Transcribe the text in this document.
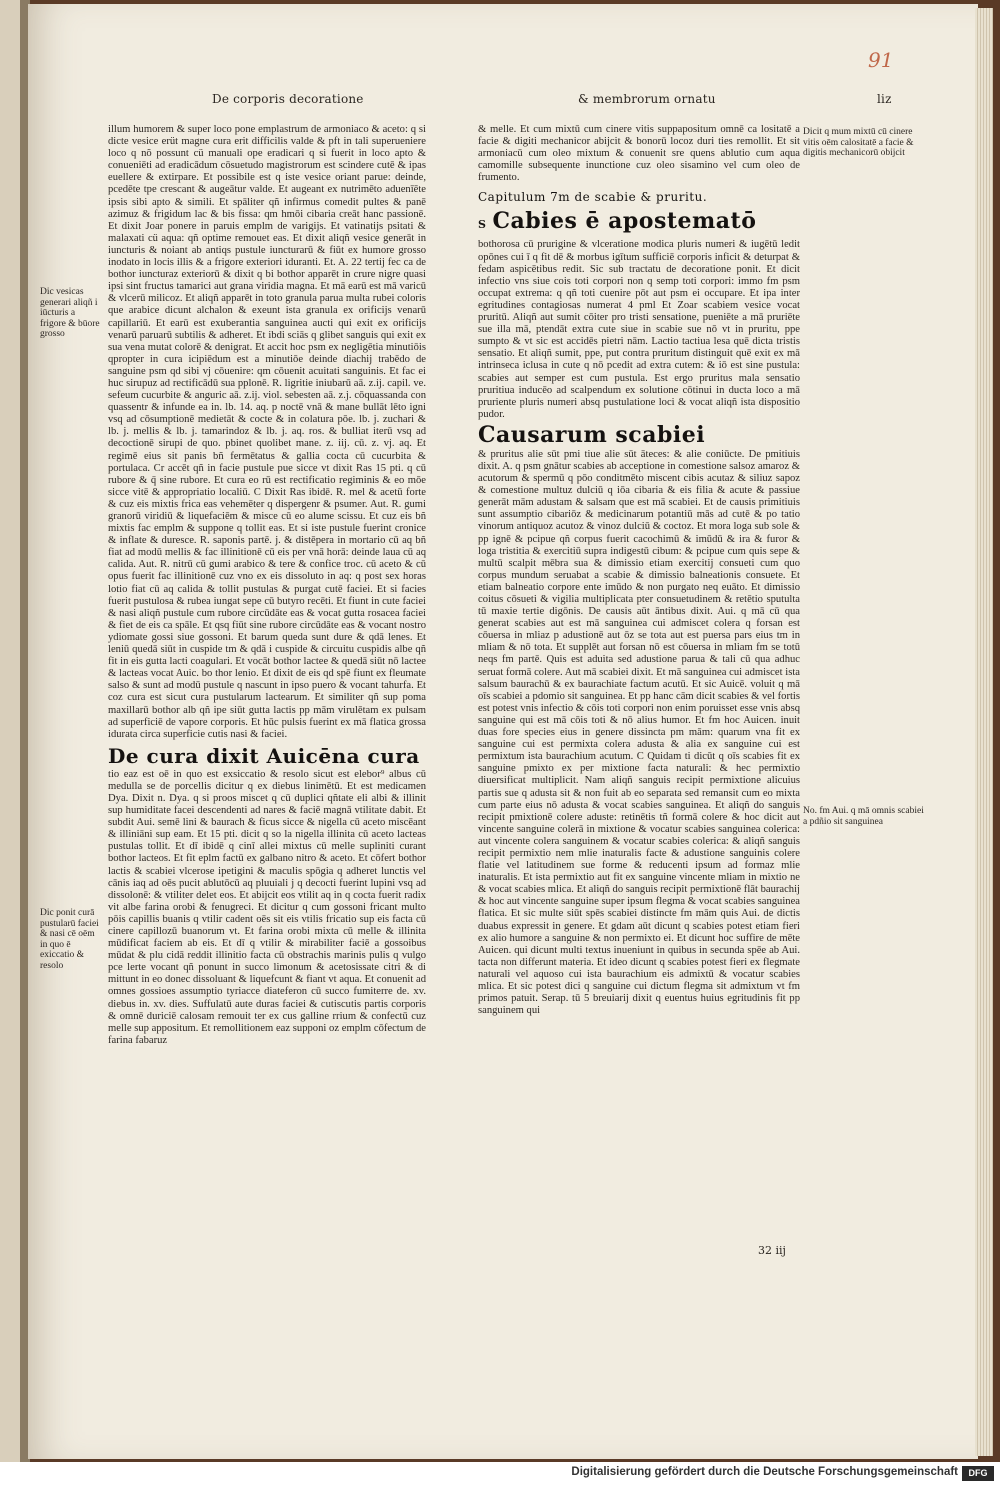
91
De corporis decoratione	& membrorum ornatu	liz
Dic vesicas generari aliqñ i iūcturis a frigore & būore grosso
Dic ponit curā pustularū faciei & nasi cē oēm in quo ē exiccatio & resolo

illum humorem & super loco pone emplastrum de armoniaco & aceto: q si dicte vesice erüt magne cura erit difficilis valde & pft in tali superueniere loco q nõ possunt cü manuali ope eradicari q si fuerit in loco apto & conueniēti ad eradicādum cōsuetudo magistrorum est scindere cutē & ipas euellere & extirpare. Et possibile est q iste vesice oriant parue: deinde, pcedēte tpe crescant & augeātur valde. Et augeant ex nutrimēto aduenīēte ipsis sibi apto & simili. Et spāliter qñ infirmus comedit pultes & panē azimuz & frigidum lac & bis fissa: qm hmōi cibaria creāt hanc passionē. Et dixit Joar ponere in paruis emplm de varigijs. Et vatinatijs psitati & malaxati cü aqua: qñ optime remouet eas. Et dixit aliqñ vesice generāt in iuncturis & noiant ab antiqs pustule iuncturarū & fiūt ex humore grosso inodato in locis illis & a frigore exteriori iduranti. Et. A. 22 tertij fec ca de bothor iuncturaz exteriorū & dixit q bi bothor apparēt in crure nigre quasi ipsi sint fructus tamarici aut grana viridia magna. Et mā earū est mā varicū & vlcerū milicoz. Et aliqñ apparēt in toto granula parua multa rubei coloris que arabice dicunt alchalon & exeunt ista granula ex orificijs venarū capillariū. Et earū est exuberantia sanguinea aucti qui exit ex orificijs venarū paruarū subtilis & adheret. Et ibdi sciās q glibet sanguis qui exit ex sua vena mutat colorē & denigrat. Et accit hoc psm ex negligētia minutiōis qpropter in cura icipiēdum est a minutiōe deinde diachij trabēdo de sanguine psm qd sibi vj cōuenire: qm cōuenit acuitati sanguinis. Et fac ei huc sirupuz ad rectificādū sua pplonē. R. ligritie iniubarū aā. z.ij. capil. ve. sefeum cucurbite & anguric aā. z.ij. viol. sebesten aā. z.j. cōquassanda con quassentr & infunde ea in. lb. 14. aq. p noctē vnā & mane bullāt lēto igni vsq ad cōsumptionē medietāt & cocte & in colatura pōe. lb. j. zuchari & lb. j. mellis & lb. j. tamarindoz & lb. j. aq. ros. & bulliat iterū vsq ad decoctionē sirupi de quo. pbinet quolibet mane. z. iij. cū. z. vj. aq. Et regimē eius sit panis bñ fermētatus & gallia cocta cū cucurbita & portulaca. Cr accēt qñ in facie pustule pue sicce vt dixit Ras 15 pti. q cū rubore & q̄ sine rubore. Et cura eo rū est rectificatio regiminis & eo mōe sicce vitē & appropriatio localiū. C Dixit Ras ibidē. R. mel & acetū forte & cuz eis mixtis frica eas vehemēter q dispergenr & psumer. Aut. R. gumi granorū viridiū & liquefaciēm & misce cū eo alume scissu. Et cuz eis bñ mixtis fac emplm & suppone q tollit eas. Et si iste pustule fuerint cronice & inflate & duresce. R. saponis partē. j. & distēpera in mortario cū aq bñ fiat ad modū mellis & fac illinitionē cū eis per vnā horā: deinde laua cū aq calida. Aut. R. nitrū cū gumi arabico & tere & confice troc. cū aceto & cū opus fuerit fac illinitionē cuz vno ex eis dissoluto in aq: q post sex horas lotio fiat cū aq calida & tollit pustulas & purgat cutē faciei. Et si facies fuerit pustulosa & rubea iungat sepe cū butyro recēti. Et fiunt in cute faciei & nasi aliqñ pustule cum rubore circūdāte eas & vocat gutta rosacea faciei & fiet de eis ca spāle. Et qsq fiūt sine rubore circūdāte eas & vocant nostro ydiomate gossi siue gossoni. Et barum queda sunt dure & qdā lenes. Et leniū quedā siūt in cuspide tm & qdā i cuspide & circuitu cuspidis albe qñ fit in eis gutta lacti coagulari. Et vocāt bothor lactee & quedā siūt nō lactee & lacteas vocat Auic. bo thor lenio. Et dixit de eis qd spē fiunt ex fleumate salso & sunt ad modū pustule q nascunt in ipso puero & vocant tahurfa. Et coz cura est sicut cura pustularum lactearum. Et similiter qñ sup poma maxillarū bothor alb qñ ipe siūt gutta lactis pp mām virulētam ex pulsam ad superficiē de vapore corporis. Et hūc pulsis fuerint ex mā flatica grossa idurata circa superficie cutis nasi & faciei.

De cura dixit Auicēna cura

tio eaz est oē in quo est exsiccatio & resolo sicut est elebor⁹ albus cū medulla se de porcellis dicitur q ex diebus linimētū. Et est medicamen Dya. Dixit n. Dya. q si proos miscet q cū duplici qñtate eli albi & illinit sup humiditate facei descendenti ad nares & faciē magnā vtilitate dabit. Et subdit Aui. semē lini & baurach & ficus sicce & nigella cū aceto miscēant & illiniāni sup eam. Et 15 pti. dicit q so la nigella illinita cū aceto lacteas pustulas tollit. Et dī ibidē q cinī allei mixtus cū melle supliniti curant bothor lacteos. Et fit eplm factū ex galbano nitro & aceto. Et cōfert bothor lactis & scabiei vlcerose ipetigini & maculis spōgia q adheret lunctis vel cānis iaq ad oēs pucit ablutōcū aq pluuiali j q decocti fuerint lupini vsq ad dissolonē: & vtiliter delet eos. Et abijcit eos vtilit aq in q cocta fuerit radix vit albe farina orobi & fenugreci. Et dicitur q cum gossoni fricant multo pōis capillis buanis q vtilir cadent oēs sit eis vtilis fricatio sup eis facta cū cinere capillozū buanorum vt. Et farina orobi mixta cū melle & illinita mūdificat faciem ab eis. Et dī q vtilir & mirabiliter faciē a gossoibus mūdat & plu cidā reddit illinitio facta cū obstrachis marinis pulis q vulgo pce lerte vocant qñ ponunt in succo limonum & acetosissate citri & di mittunt in eo donec dissoluant & liquefcunt & fiant vt aqua. Et conuenit ad omnes gossioes assumptio tyriacce diateferon cū succo fumiterre de. xv. diebus in. xv. dies. Suffulatū aute duras faciei & cutiscutis partis corporis & omnē duriciē calosam remouit ter ex cus galline rrium & confectū cuz melle sup appositum. Et remollitionem eaz supponi oz emplm cōfectum de farina fabaruz

& melle. Et cum mixtū cum cinere vitis suppapositum omnē ca lositatē a facie & digiti mechanicor abijcit & bonorū locoz duri ties remollit. Et sit armoniacū cum oleo mixtum & conuenit sre quens ablutio cum aqua camomille subsequente inunctione cuz oleo sisamino vel cum oleo de frumento.

Capitulum 7m de scabie & pruritu.
S Cabies ē apostematō

bothorosa cū prurigine & vlceratione modica pluris numeri & iugētū ledit opōnes cui ī q fit dē & morbus igītum sufficiē corporis inficit & deturpat & fedam aspicētibus redit. Sic sub tractatu de decoratione ponit. Et dicit infectio vns siue cois toti corpori non q semp toti corpori: immo fm psm occupat extrema: q qñ toti cuenire pōt aut psm ei occupare. Et ipa inter egritudines contagiosas numerat 4 pml Et Zoar scabiem vesice vocat pruritū. Aliqñ aut sumit cōiter pro tristi sensatione, pueniēte a mā pruriēte sue illa mā, ptendāt extra cute siue in scabie sue nō vt in pruritu, ppe sumpto & vt sic est accidēs pietri nām. Lactio tactiua lesa quē dicta tristis sensatio. Et aliqñ sumit, ppe, put contra pruritum distinguit quē exit ex mā intrinseca iclusa in cute q nō pcedit ad extra cutem: & iō est sine pustula: scabies aut semper est cum pustula. Est ergo pruritus mala sensatio pruritiua inducēo ad scalpendum ex solutione cōtinui in ducta loco a mā pruriente pluris numeri absq pustulatione loci & vocat aliqñ ista dispositio pudor.

Causarum scabiei

& pruritus alie sūt pmi tiue alie sūt āteces: & alie coniūcte. De pmitiuis dixit. A. q psm gnātur scabies ab acceptione in comestione salsoz amaroz & acutorum & spermū q pōo conditmēto miscent cibis acutaz & siliuz sapoz & comestione multuz dulciū q iōa cibaria & eis filia & acute & passiue generāt mām adustam & salsam que est mā scabiei. Et de causis primitiuis sunt assumptio cibariōz & medicinarum potantiū mās ad cutē & po tatio vinorum antiquoz acutoz & vinoz dulciū & coctoz. Et mora loga sub sole & pp ignē & pcipue qñ corpus fuerit cacochimū & imūdū & ira & furor & loga tristitia & exercitiū supra indigestū cibum: & pcipue cum quis sepe & multū scalpit mēbra sua & dimissio etiam exercitij consueti cum quo corpus mundum seruabat a scabie & dimissio balneationis consuete. Et etiam balneatio corpore ente imūdo & non purgato neq euāto. Et dimissio coitus cōsueti & vigilia multiplicata pter consuetudinem & retētio sputulta tū maxie tertie digōnis. De causis aūt āntibus dixit. Aui. q mā cū qua generat scabies aut est mā sanguinea cui admiscet colera q forsan est cōuersa in mliaz p adustionē aut ōz se tota aut est puersa pars eius tm in mliam & nō tota. Et supplēt aut forsan nō est cōuersa in mliam fm se totū neqs fm partē. Quis est aduita sed adustione parua & tali cū qua adhuc seruat formā colere. Aut mā scabiei dixit. Et mā sanguinea cui admiscet ista salsum baurachū & ex baurachiate factum acutū. Et sic Auicē. voluit q mā oīs scabiei a pdomio sit sanguinea. Et pp hanc cām dicit scabies & vel fortis est potest vnis infectio & cōis toti corpori non enim poruisset esse vnis absq sanguine qui est mā cōis toti & nō alius humor. Et fm hoc Auicen. inuit duas fore species eius in genere dissincta pm mām: quarum vna fit ex sanguine cui est permixta colera adusta & alia ex sanguine cui est permixtum ista baurachium acutum. C Quidam ti dicūt q oīs scabies fit ex sanguine pmixto ex per mixtione facta naturali: & hec permixtio diuersificat multiplicit. Nam aliqñ sanguis recipit permixtione alicuius partis sue q adusta sit & non fuit ab eo separata sed remansit cum eo mixta cum parte eius nō adusta & vocat scabies sanguinea. Et aliqñ do sanguis recipit pmixtionē colere aduste: retinētis tñ formā colere & hoc dicit aut vincente sanguine colerā in mixtione & vocatur scabies sanguinea colerica: aut vincente colera sanguinem & vocatur scabies colerica: & aliqñ sanguis recipit permixtio nem mlie inaturalis facte & adustione sanguinis colere flatie vel latitudinem sue forme & reducenti ipsum ad formaz mlie inaturalis. Et ista permixtio aut fit ex sanguine vincente mliam in mixtio ne & vocat scabies mlica. Et aliqñ do sanguis recipit permixtionē flāt baurachij & hoc aut vincente sanguine super ipsum flegma & vocat scabies sanguinea flatica. Et sic multe siūt spēs scabiei distincte fm mām quis Aui. de dictis duabus expressit in genere. Et gdam aūt dicunt q scabies potest etiam fieri ex alio humore a sanguine & non permixto ei. Et dicunt hoc suffire de mēte Auicen. qui dicunt multi textus inueniunt in quibus in secunda spēe ab Aui. tacta non differunt materia. Et ideo dicunt q scabies potest fieri ex flegmate naturali vel aquoso cui ista baurachium eis admixtū & vocatur scabies mlica. Et sic potest dici q sanguine cui dictum flegma sit admixtum vt fm primos patuit. Serap. tū 5 breuiarij dixit q euentus huius egritudinis fit pp sanguinem qui

Dicit q mum mixtū cū cinere vitis oēm calositatē a facie & digitis mechanicorū obijcit
No. fm Aui. q mā omnis scabiei a pdñio sit sanguinea
32 iij
Digitalisierung gefördert durch die Deutsche Forschungsgemeinschaft	DFG
